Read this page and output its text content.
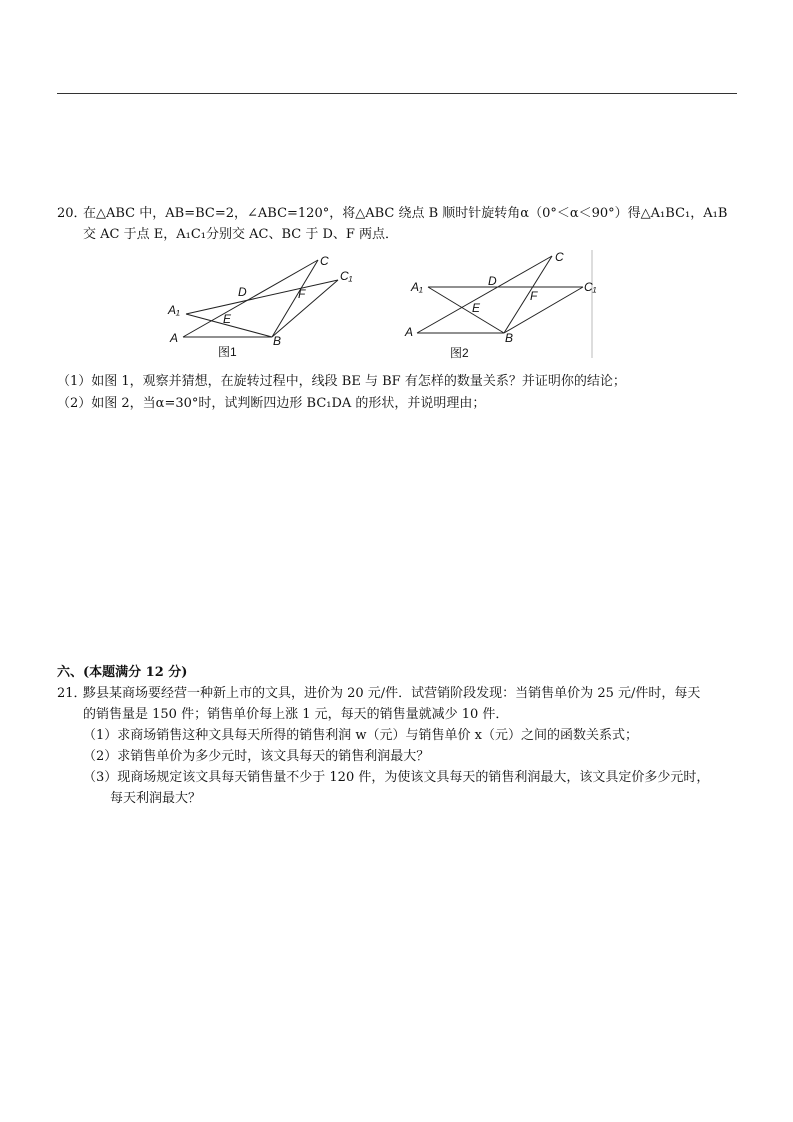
20．
在△ABC 中，AB=BC=2，∠ABC=120°，将△ABC 绕点 B 顺时针旋转角α（0°＜α＜90°）得△A₁BC₁，A₁B
交 AC 于点 E，A₁C₁分别交 AC、BC 于 D、F 两点．
C
C₁
D	F
A₁
E
A	B
图1
C
D
A₁	C₁
F
E
A	B
图2
（1）如图 1，观察并猜想，在旋转过程中，线段 BE 与 BF 有怎样的数量关系？并证明你的结论；
（2）如图 2，当α=30°时，试判断四边形 BC₁DA 的形状，并说明理由；
六、(本题满分 12 分)
21．
黟县某商场要经营一种新上市的文具，进价为 20 元/件．试营销阶段发现：当销售单价为 25 元/件时，每天
的销售量是 150 件；销售单价每上涨 1 元，每天的销售量就减少 10 件．
（1）求商场销售这种文具每天所得的销售利润 w（元）与销售单价 x（元）之间的函数关系式；
（2）求销售单价为多少元时，该文具每天的销售利润最大？
（3）现商场规定该文具每天销售量不少于 120 件，为使该文具每天的销售利润最大，该文具定价多少元时，
每天利润最大？
